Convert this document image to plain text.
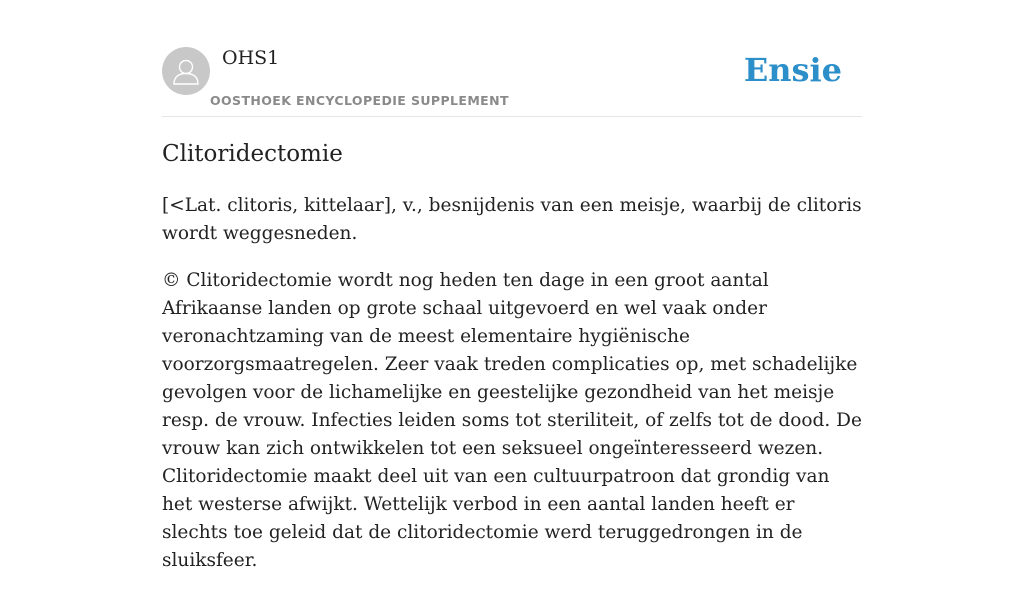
OHS1
OOSTHOEK ENCYCLOPEDIE SUPPLEMENT
Ensie
Clitoridectomie

[<Lat. clitoris, kittelaar], v., besnijdenis van een meisje, waarbij de clitoris wordt weggesneden.

© Clitoridectomie wordt nog heden ten dage in een groot aantal Afrikaanse landen op grote schaal uitgevoerd en wel vaak onder veronachtzaming van de meest elementaire hygiënische voorzorgsmaatregelen. Zeer vaak treden complicaties op, met schadelijke gevolgen voor de lichamelijke en geestelijke gezondheid van het meisje resp. de vrouw. Infecties leiden soms tot steriliteit, of zelfs tot de dood. De vrouw kan zich ontwikkelen tot een seksueel ongeïnteresseerd wezen. Clitoridectomie maakt deel uit van een cultuurpatroon dat grondig van het westerse afwijkt. Wettelijk verbod in een aantal landen heeft er slechts toe geleid dat de clitoridectomie werd teruggedrongen in de sluiksfeer.
